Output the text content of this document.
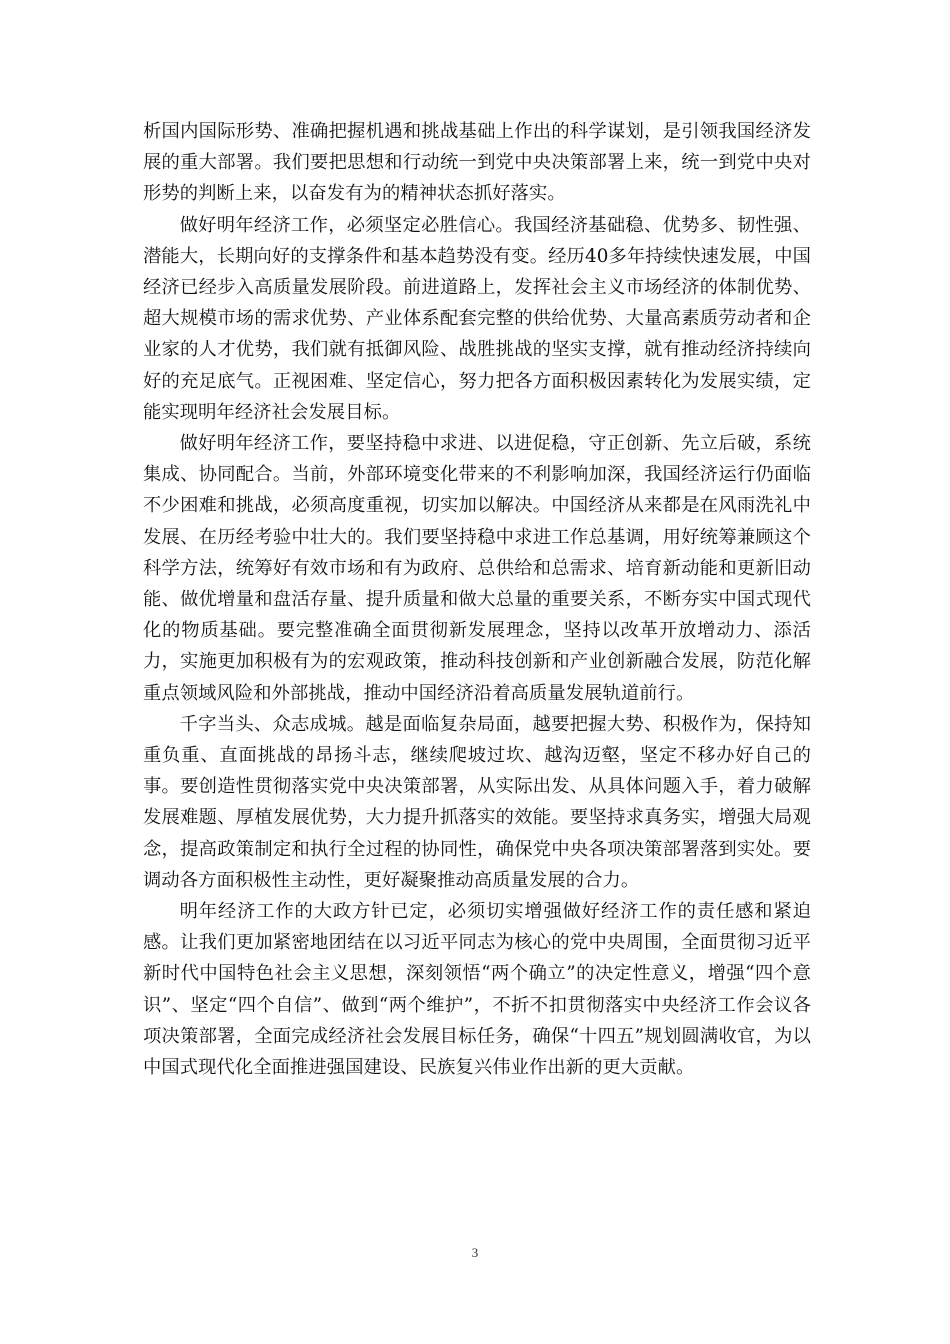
析国内国际形势、准确把握机遇和挑战基础上作出的科学谋划，是引领我国经济发展的重大部署。我们要把思想和行动统一到党中央决策部署上来，统一到党中央对形势的判断上来，以奋发有为的精神状态抓好落实。

做好明年经济工作，必须坚定必胜信心。我国经济基础稳、优势多、韧性强、潜能大，长期向好的支撑条件和基本趋势没有变。经历40多年持续快速发展，中国经济已经步入高质量发展阶段。前进道路上，发挥社会主义市场经济的体制优势、超大规模市场的需求优势、产业体系配套完整的供给优势、大量高素质劳动者和企业家的人才优势，我们就有抵御风险、战胜挑战的坚实支撑，就有推动经济持续向好的充足底气。正视困难、坚定信心，努力把各方面积极因素转化为发展实绩，定能实现明年经济社会发展目标。

做好明年经济工作，要坚持稳中求进、以进促稳，守正创新、先立后破，系统集成、协同配合。当前，外部环境变化带来的不利影响加深，我国经济运行仍面临不少困难和挑战，必须高度重视，切实加以解决。中国经济从来都是在风雨洗礼中发展、在历经考验中壮大的。我们要坚持稳中求进工作总基调，用好统筹兼顾这个科学方法，统筹好有效市场和有为政府、总供给和总需求、培育新动能和更新旧动能、做优增量和盘活存量、提升质量和做大总量的重要关系，不断夯实中国式现代化的物质基础。要完整准确全面贯彻新发展理念，坚持以改革开放增动力、添活力，实施更加积极有为的宏观政策，推动科技创新和产业创新融合发展，防范化解重点领域风险和外部挑战，推动中国经济沿着高质量发展轨道前行。

千字当头、众志成城。越是面临复杂局面，越要把握大势、积极作为，保持知重负重、直面挑战的昂扬斗志，继续爬坡过坎、越沟迈壑，坚定不移办好自己的事。要创造性贯彻落实党中央决策部署，从实际出发、从具体问题入手，着力破解发展难题、厚植发展优势，大力提升抓落实的效能。要坚持求真务实，增强大局观念，提高政策制定和执行全过程的协同性，确保党中央各项决策部署落到实处。要调动各方面积极性主动性，更好凝聚推动高质量发展的合力。

明年经济工作的大政方针已定，必须切实增强做好经济工作的责任感和紧迫感。让我们更加紧密地团结在以习近平同志为核心的党中央周围，全面贯彻习近平新时代中国特色社会主义思想，深刻领悟“两个确立”的决定性意义，增强“四个意识”、坚定“四个自信”、做到“两个维护”，不折不扣贯彻落实中央经济工作会议各项决策部署，全面完成经济社会发展目标任务，确保“十四五”规划圆满收官，为以中国式现代化全面推进强国建设、民族复兴伟业作出新的更大贡献。

3
